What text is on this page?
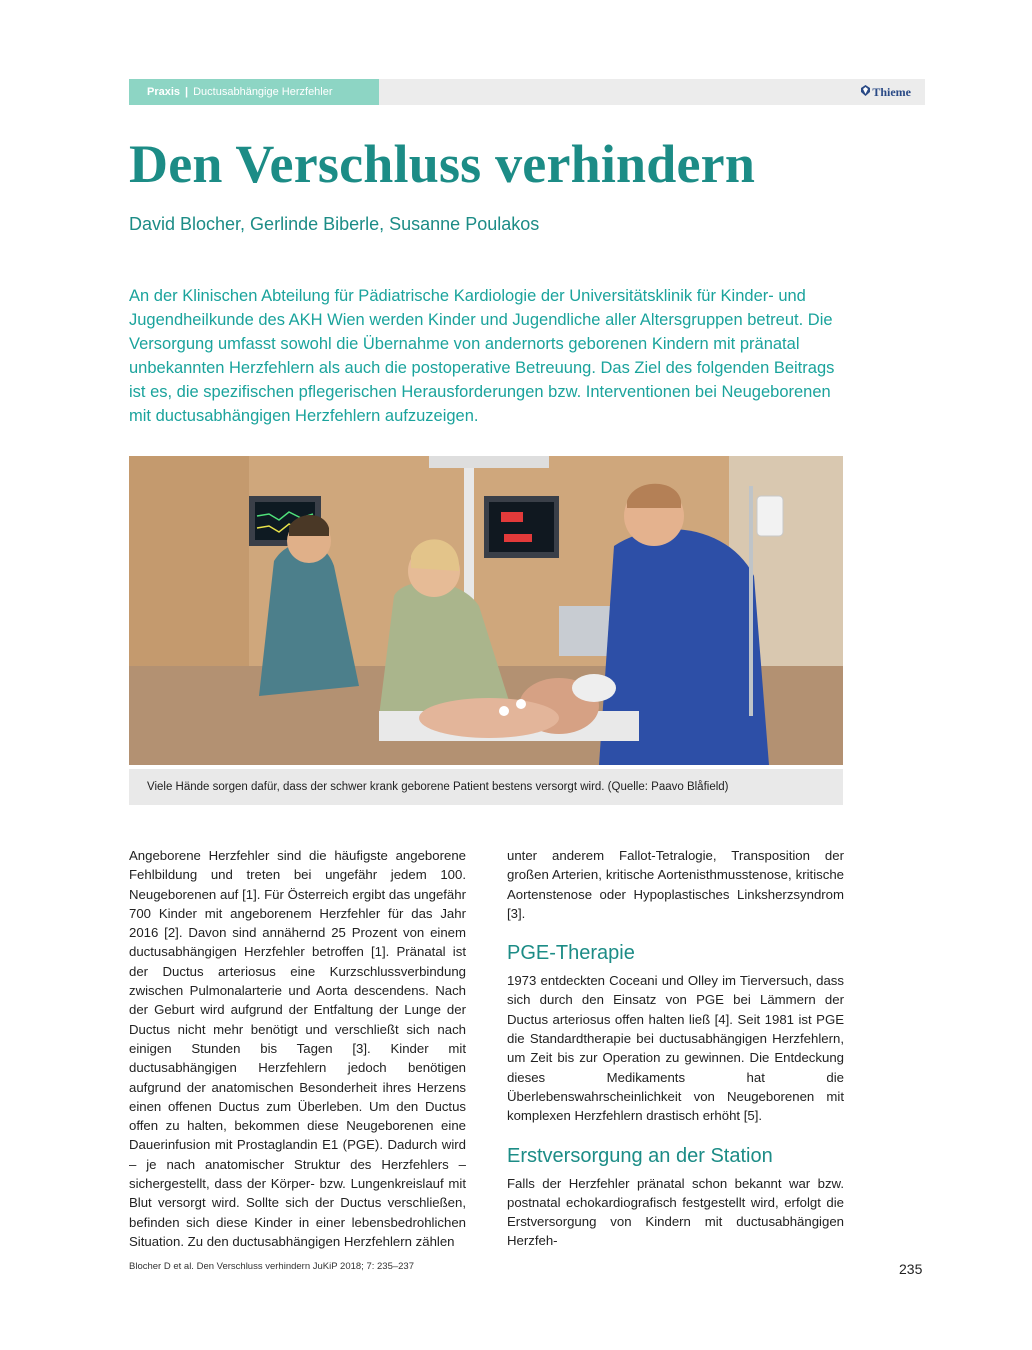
Praxis | Ductusabhängige Herzfehler	Thieme
Den Verschluss verhindern
David Blocher, Gerlinde Biberle, Susanne Poulakos

An der Klinischen Abteilung für Pädiatrische Kardiologie der Universitätsklinik für Kinder- und Jugendheilkunde des AKH Wien werden Kinder und Jugendliche aller Altersgruppen betreut. Die Versorgung umfasst sowohl die Übernahme von andernorts geborenen Kindern mit pränatal unbekannten Herzfehlern als auch die postoperative Betreuung. Das Ziel des folgenden Beitrags ist es, die spezifischen pflegerischen Herausforderungen bzw. Interventionen bei Neugeborenen mit ductusabhängigen Herzfehlern aufzuzeigen.

Viele Hände sorgen dafür, dass der schwer krank geborene Patient bestens versorgt wird. (Quelle: Paavo Blåfield)

Angeborene Herzfehler sind die häufigste angeborene Fehlbildung und treten bei ungefähr jedem 100. Neugeborenen auf [1]. Für Österreich ergibt das ungefähr 700 Kinder mit angeborenem Herzfehler für das Jahr 2016 [2]. Davon sind annähernd 25 Prozent von einem ductusabhängigen Herzfehler betroffen [1]. Pränatal ist der Ductus arteriosus eine Kurzschlussverbindung zwischen Pulmonalarterie und Aorta descendens. Nach der Geburt wird aufgrund der Entfaltung der Lunge der Ductus nicht mehr benötigt und verschließt sich nach einigen Stunden bis Tagen [3]. Kinder mit ductusabhängigen Herzfehlern jedoch benötigen aufgrund der anatomischen Besonderheit ihres Herzens einen offenen Ductus zum Überleben. Um den Ductus offen zu halten, bekommen diese Neugeborenen eine Dauerinfusion mit Prostaglandin E1 (PGE). Dadurch wird – je nach anatomischer Struktur des Herzfehlers – sichergestellt, dass der Körper- bzw. Lungenkreislauf mit Blut versorgt wird. Sollte sich der Ductus verschließen, befinden sich diese Kinder in einer lebensbedrohlichen Situation. Zu den ductusabhängigen Herzfehlern zählen

unter anderem Fallot-Tetralogie, Transposition der großen Arterien, kritische Aortenisthmusstenose, kritische Aortenstenose oder Hypoplastisches Linksherzsyndrom [3].

PGE-Therapie

1973 entdeckten Coceani und Olley im Tierversuch, dass sich durch den Einsatz von PGE bei Lämmern der Ductus arteriosus offen halten ließ [4]. Seit 1981 ist PGE die Standardtherapie bei ductusabhängigen Herzfehlern, um Zeit bis zur Operation zu gewinnen. Die Entdeckung dieses Medikaments hat die Überlebenswahrscheinlichkeit von Neugeborenen mit komplexen Herzfehlern drastisch erhöht [5].

Erstversorgung an der Station

Falls der Herzfehler pränatal schon bekannt war bzw. postnatal echokardiografisch festgestellt wird, erfolgt die Erstversorgung von Kindern mit ductusabhängigen Herzfeh-

Blocher D et al. Den Verschluss verhindern JuKiP 2018; 7: 235–237	235
